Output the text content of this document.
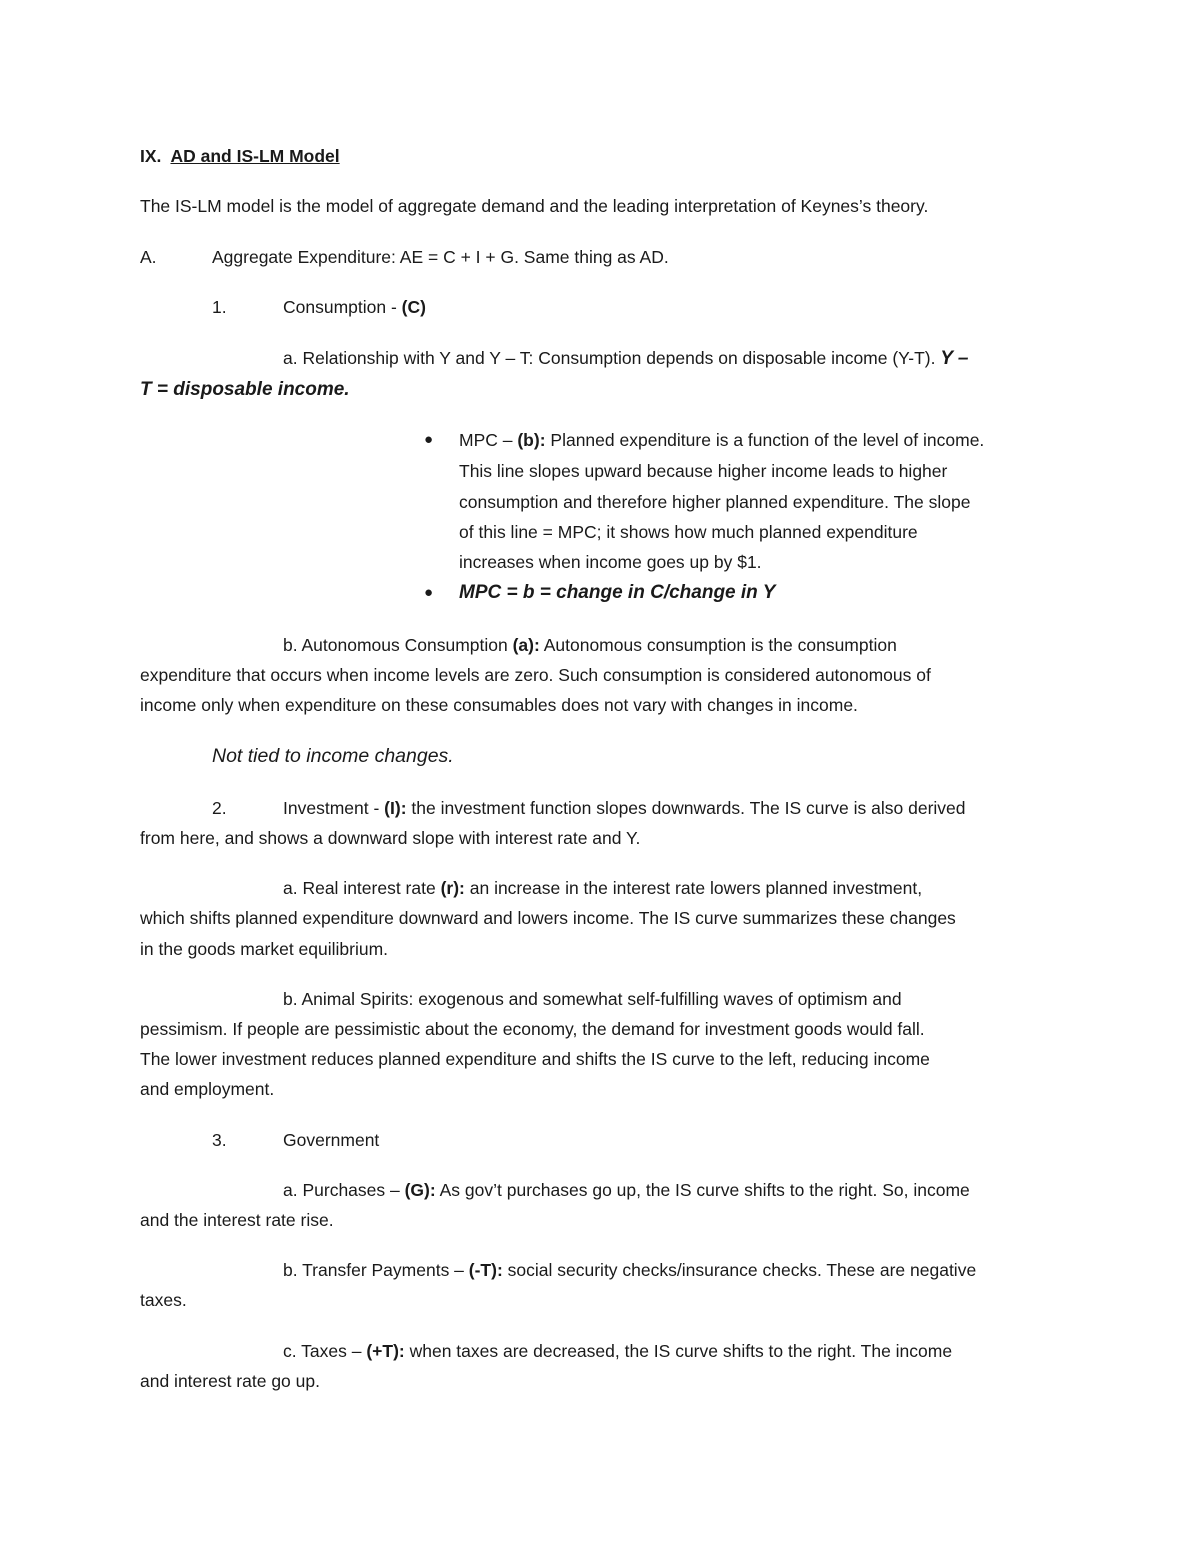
IX. AD and IS-LM Model
The IS-LM model is the model of aggregate demand and the leading interpretation of Keynes’s theory.
A.	Aggregate Expenditure: AE = C + I + G. Same thing as AD.
1.	Consumption - (C)
a. Relationship with Y and Y – T: Consumption depends on disposable income (Y-T). Y –
T = disposable income.
● MPC – (b): Planned expenditure is a function of the level of income.
This line slopes upward because higher income leads to higher
consumption and therefore higher planned expenditure. The slope
of this line = MPC; it shows how much planned expenditure
increases when income goes up by $1.
● MPC = b = change in C/change in Y
b. Autonomous Consumption (a): Autonomous consumption is the consumption
expenditure that occurs when income levels are zero. Such consumption is considered autonomous of
income only when expenditure on these consumables does not vary with changes in income.
Not tied to income changes.
2.	Investment - (I): the investment function slopes downwards. The IS curve is also derived
from here, and shows a downward slope with interest rate and Y.
a. Real interest rate (r): an increase in the interest rate lowers planned investment,
which shifts planned expenditure downward and lowers income. The IS curve summarizes these changes
in the goods market equilibrium.
b. Animal Spirits: exogenous and somewhat self-fulfilling waves of optimism and
pessimism. If people are pessimistic about the economy, the demand for investment goods would fall.
The lower investment reduces planned expenditure and shifts the IS curve to the left, reducing income
and employment.
3.	Government
a. Purchases – (G): As gov’t purchases go up, the IS curve shifts to the right. So, income
and the interest rate rise.
b. Transfer Payments – (-T): social security checks/insurance checks. These are negative
taxes.
c. Taxes – (+T): when taxes are decreased, the IS curve shifts to the right. The income
and interest rate go up.
